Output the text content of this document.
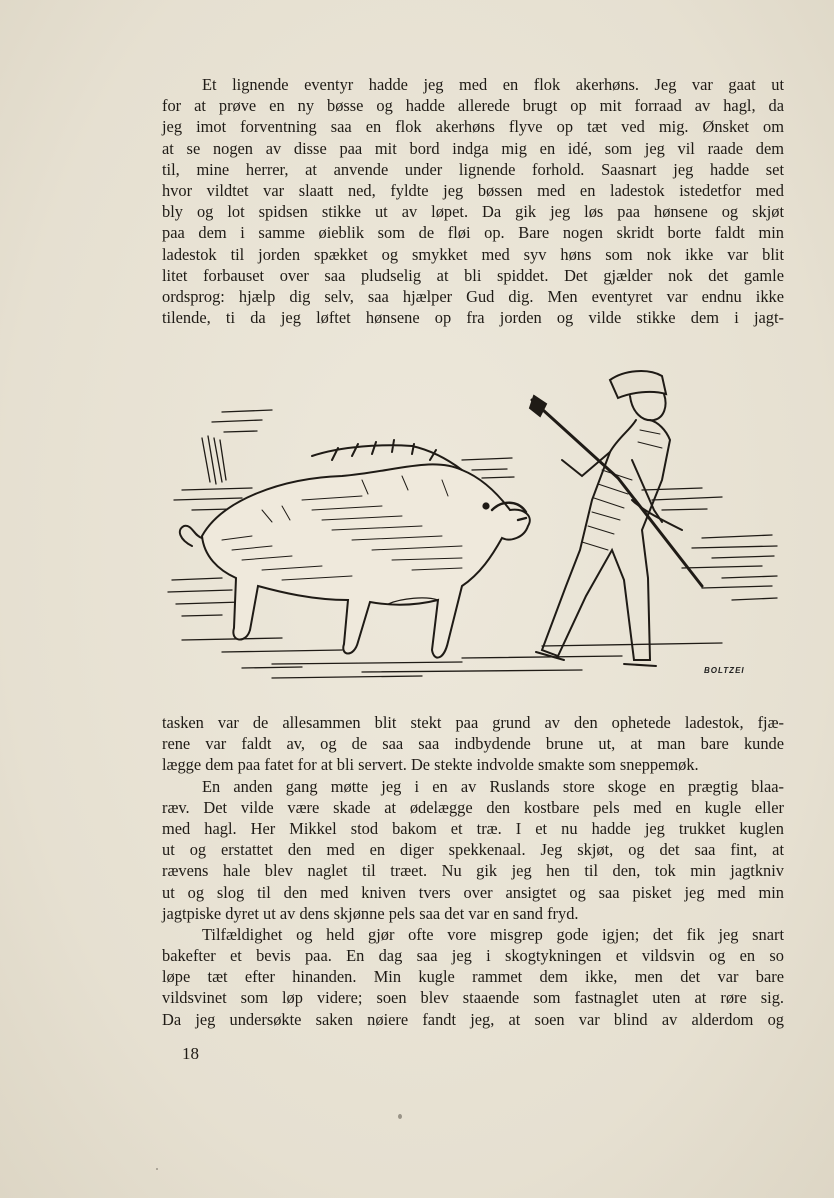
Et lignende eventyr hadde jeg med en flok akerhøns. Jeg var gaat ut
for at prøve en ny bøsse og hadde allerede brugt op mit forraad av hagl, da
jeg imot forventning saa en flok akerhøns flyve op tæt ved mig. Ønsket om
at se nogen av disse paa mit bord indga mig en idé, som jeg vil raade dem
til, mine herrer, at anvende under lignende forhold. Saasnart jeg hadde set
hvor vildtet var slaatt ned, fyldte jeg bøssen med en ladestok istedetfor med
bly og lot spidsen stikke ut av løpet. Da gik jeg løs paa hønsene og skjøt
paa dem i samme øieblik som de fløi op. Bare nogen skridt borte faldt min
ladestok til jorden spækket og smykket med syv høns som nok ikke var blit
litet forbauset over saa pludselig at bli spiddet. Det gjælder nok det gamle
ordsprog: hjælp dig selv, saa hjælper Gud dig. Men eventyret var endnu ikke
tilende, ti da jeg løftet hønsene op fra jorden og vilde stikke dem i jagt-
BOLTZEI
tasken var de allesammen blit stekt paa grund av den ophetede ladestok, fjæ-
rene var faldt av, og de saa saa indbydende brune ut, at man bare kunde
lægge dem paa fatet for at bli servert. De stekte indvolde smakte som sneppemøk.
En anden gang møtte jeg i en av Ruslands store skoge en prægtig blaa-
ræv. Det vilde være skade at ødelægge den kostbare pels med en kugle eller
med hagl. Her Mikkel stod bakom et træ. I et nu hadde jeg trukket kuglen
ut og erstattet den med en diger spekkenaal. Jeg skjøt, og det saa fint, at
rævens hale blev naglet til træet. Nu gik jeg hen til den, tok min jagtkniv
ut og slog til den med kniven tvers over ansigtet og saa pisket jeg med min
jagtpiske dyret ut av dens skjønne pels saa det var en sand fryd.
Tilfældighet og held gjør ofte vore misgrep gode igjen; det fik jeg snart
bakefter et bevis paa. En dag saa jeg i skogtykningen et vildsvin og en so
løpe tæt efter hinanden. Min kugle rammet dem ikke, men det var bare
vildsvinet som løp videre; soen blev staaende som fastnaglet uten at røre sig.
Da jeg undersøkte saken nøiere fandt jeg, at soen var blind av alderdom og
18
